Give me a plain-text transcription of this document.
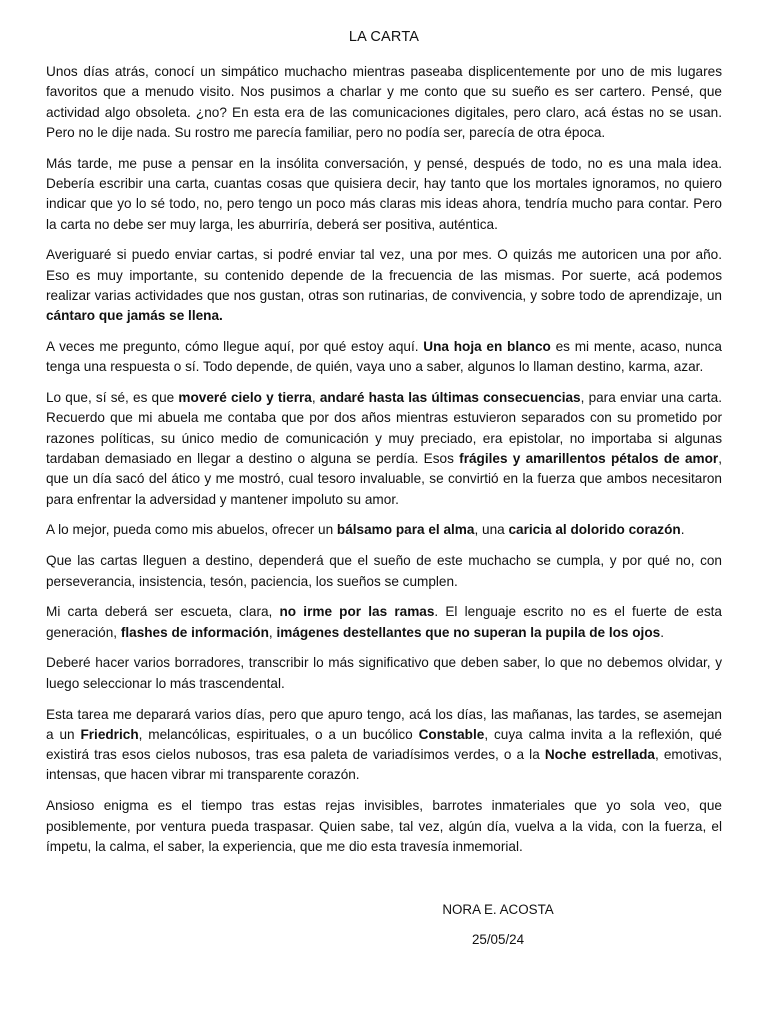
LA CARTA

Unos días atrás, conocí un simpático muchacho mientras paseaba displicentemente por uno de mis lugares favoritos que a menudo visito. Nos pusimos a charlar y me conto que su sueño es ser cartero. Pensé, que actividad algo obsoleta. ¿no? En esta era de las comunicaciones digitales, pero claro, acá éstas no se usan. Pero no le dije nada. Su rostro me parecía familiar, pero no podía ser, parecía de otra época.

Más tarde, me puse a pensar en la insólita conversación, y pensé, después de todo, no es una mala idea. Debería escribir una carta, cuantas cosas que quisiera decir, hay tanto que los mortales ignoramos, no quiero indicar que yo lo sé todo, no, pero tengo un poco más claras mis ideas ahora, tendría mucho para contar. Pero la carta no debe ser muy larga, les aburriría, deberá ser positiva, auténtica.

Averiguaré si puedo enviar cartas, si podré enviar tal vez, una por mes. O quizás me autoricen una por año. Eso es muy importante, su contenido depende de la frecuencia de las mismas. Por suerte, acá podemos realizar varias actividades que nos gustan, otras son rutinarias, de convivencia, y sobre todo de aprendizaje, un cántaro que jamás se llena.

A veces me pregunto, cómo llegue aquí, por qué estoy aquí. Una hoja en blanco es mi mente, acaso, nunca tenga una respuesta o sí. Todo depende, de quién, vaya uno a saber, algunos lo llaman destino, karma, azar.

Lo que, sí sé, es que moveré cielo y tierra, andaré hasta las últimas consecuencias, para enviar una carta. Recuerdo que mi abuela me contaba que por dos años mientras estuvieron separados con su prometido por razones políticas, su único medio de comunicación y muy preciado, era epistolar, no importaba si algunas tardaban demasiado en llegar a destino o alguna se perdía. Esos frágiles y amarillentos pétalos de amor, que un día sacó del ático y me mostró, cual tesoro invaluable, se convirtió en la fuerza que ambos necesitaron para enfrentar la adversidad y mantener impoluto su amor.

A lo mejor, pueda como mis abuelos, ofrecer un bálsamo para el alma, una caricia al dolorido corazón.

Que las cartas lleguen a destino, dependerá que el sueño de este muchacho se cumpla, y por qué no, con perseverancia, insistencia, tesón, paciencia, los sueños se cumplen.

Mi carta deberá ser escueta, clara, no irme por las ramas. El lenguaje escrito no es el fuerte de esta generación, flashes de información, imágenes destellantes que no superan la pupila de los ojos.

Deberé hacer varios borradores, transcribir lo más significativo que deben saber, lo que no debemos olvidar, y luego seleccionar lo más trascendental.

Esta tarea me deparará varios días, pero que apuro tengo, acá los días, las mañanas, las tardes, se asemejan a un Friedrich, melancólicas, espirituales, o a un bucólico Constable, cuya calma invita a la reflexión, qué existirá tras esos cielos nubosos, tras esa paleta de variadísimos verdes, o a la Noche estrellada, emotivas, intensas, que hacen vibrar mi transparente corazón.

Ansioso enigma es el tiempo tras estas rejas invisibles, barrotes inmateriales que yo sola veo, que posiblemente, por ventura pueda traspasar. Quien sabe, tal vez, algún día, vuelva a la vida, con la fuerza, el ímpetu, la calma, el saber, la experiencia, que me dio esta travesía inmemorial.

NORA E. ACOSTA
25/05/24
